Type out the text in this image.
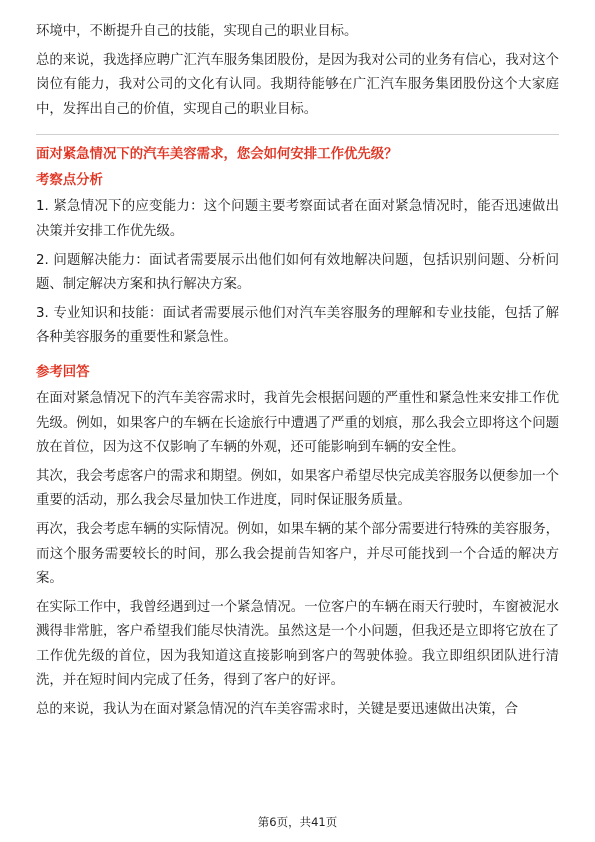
环境中，不断提升自己的技能，实现自己的职业目标。

总的来说，我选择应聘广汇汽车服务集团股份，是因为我对公司的业务有信心，我对这个岗位有能力，我对公司的文化有认同。我期待能够在广汇汽车服务集团股份这个大家庭中，发挥出自己的价值，实现自己的职业目标。

面对紧急情况下的汽车美容需求，您会如何安排工作优先级？
考察点分析

1. 紧急情况下的应变能力：这个问题主要考察面试者在面对紧急情况时，能否迅速做出决策并安排工作优先级。

2. 问题解决能力：面试者需要展示出他们如何有效地解决问题，包括识别问题、分析问题、制定解决方案和执行解决方案。

3. 专业知识和技能：面试者需要展示他们对汽车美容服务的理解和专业技能，包括了解各种美容服务的重要性和紧急性。

参考回答

在面对紧急情况下的汽车美容需求时，我首先会根据问题的严重性和紧急性来安排工作优先级。例如，如果客户的车辆在长途旅行中遭遇了严重的划痕，那么我会立即将这个问题放在首位，因为这不仅影响了车辆的外观，还可能影响到车辆的安全性。

其次，我会考虑客户的需求和期望。例如，如果客户希望尽快完成美容服务以便参加一个重要的活动，那么我会尽量加快工作进度，同时保证服务质量。

再次，我会考虑车辆的实际情况。例如，如果车辆的某个部分需要进行特殊的美容服务，而这个服务需要较长的时间，那么我会提前告知客户，并尽可能找到一个合适的解决方案。

在实际工作中，我曾经遇到过一个紧急情况。一位客户的车辆在雨天行驶时，车窗被泥水溅得非常脏，客户希望我们能尽快清洗。虽然这是一个小问题，但我还是立即将它放在了工作优先级的首位，因为我知道这直接影响到客户的驾驶体验。我立即组织团队进行清洗，并在短时间内完成了任务，得到了客户的好评。

总的来说，我认为在面对紧急情况的汽车美容需求时，关键是要迅速做出决策，合

第6页，共41页
